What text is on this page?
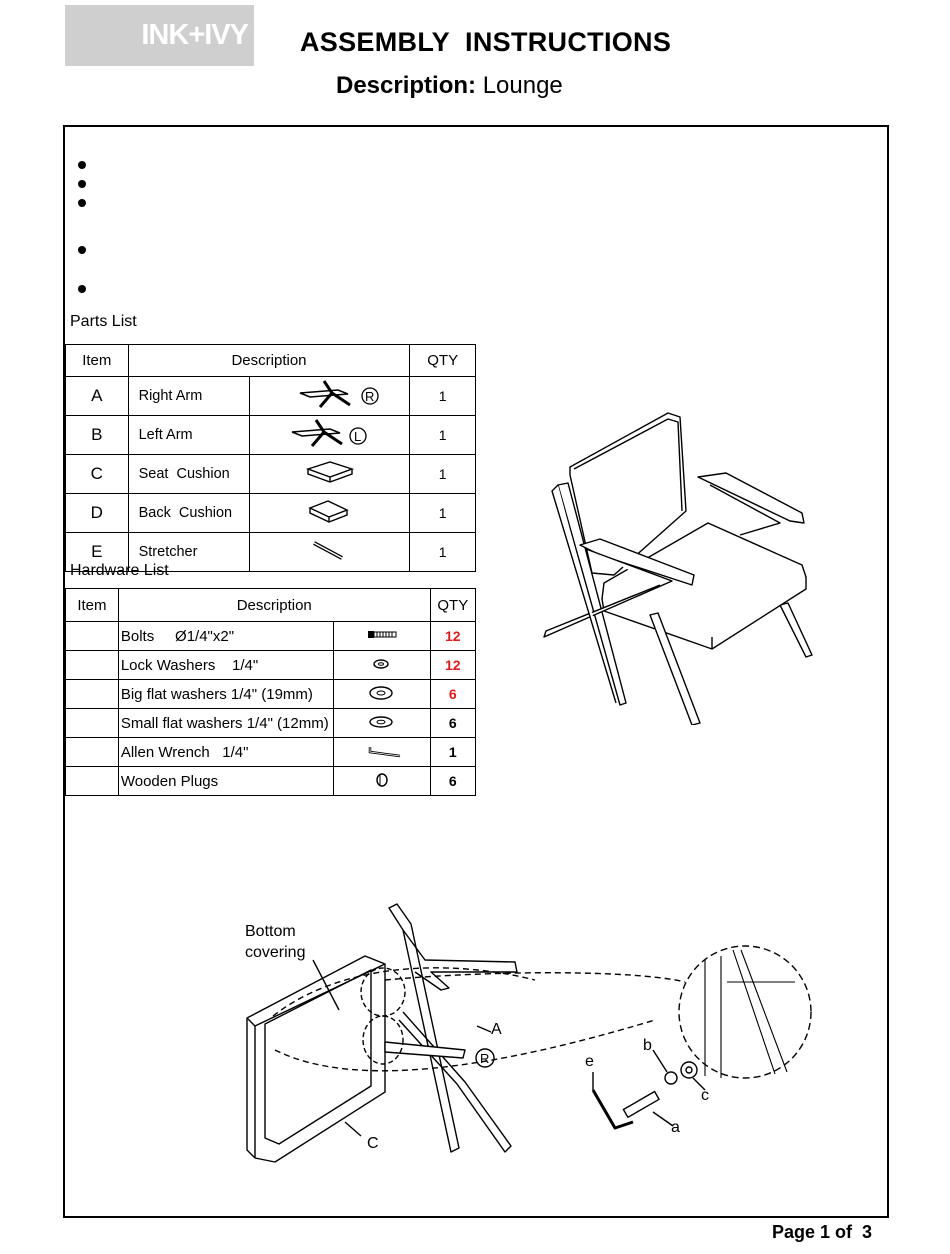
INK+IVY ASSEMBLY  INSTRUCTIONS
Description: Lounge
Parts List
Item	Description		QTY
A	Right Arm	R	1
B	Left Arm	L	1
C	Seat  Cushion		1
D	Back  Cushion		1
E	Stretcher		1
Hardware List
Item	Description		QTY
	Bolts     Ø1/4"x2"		12
	Lock Washers    1/4"		12
	Big flat washers 1/4" (19mm)		6
	Small flat washers 1/4" (12mm)		6
	Allen Wrench   1/4"		1
	Wooden Plugs		6
Bottom
covering
C
A
R
b
c
e
a
Page 1 of  3
